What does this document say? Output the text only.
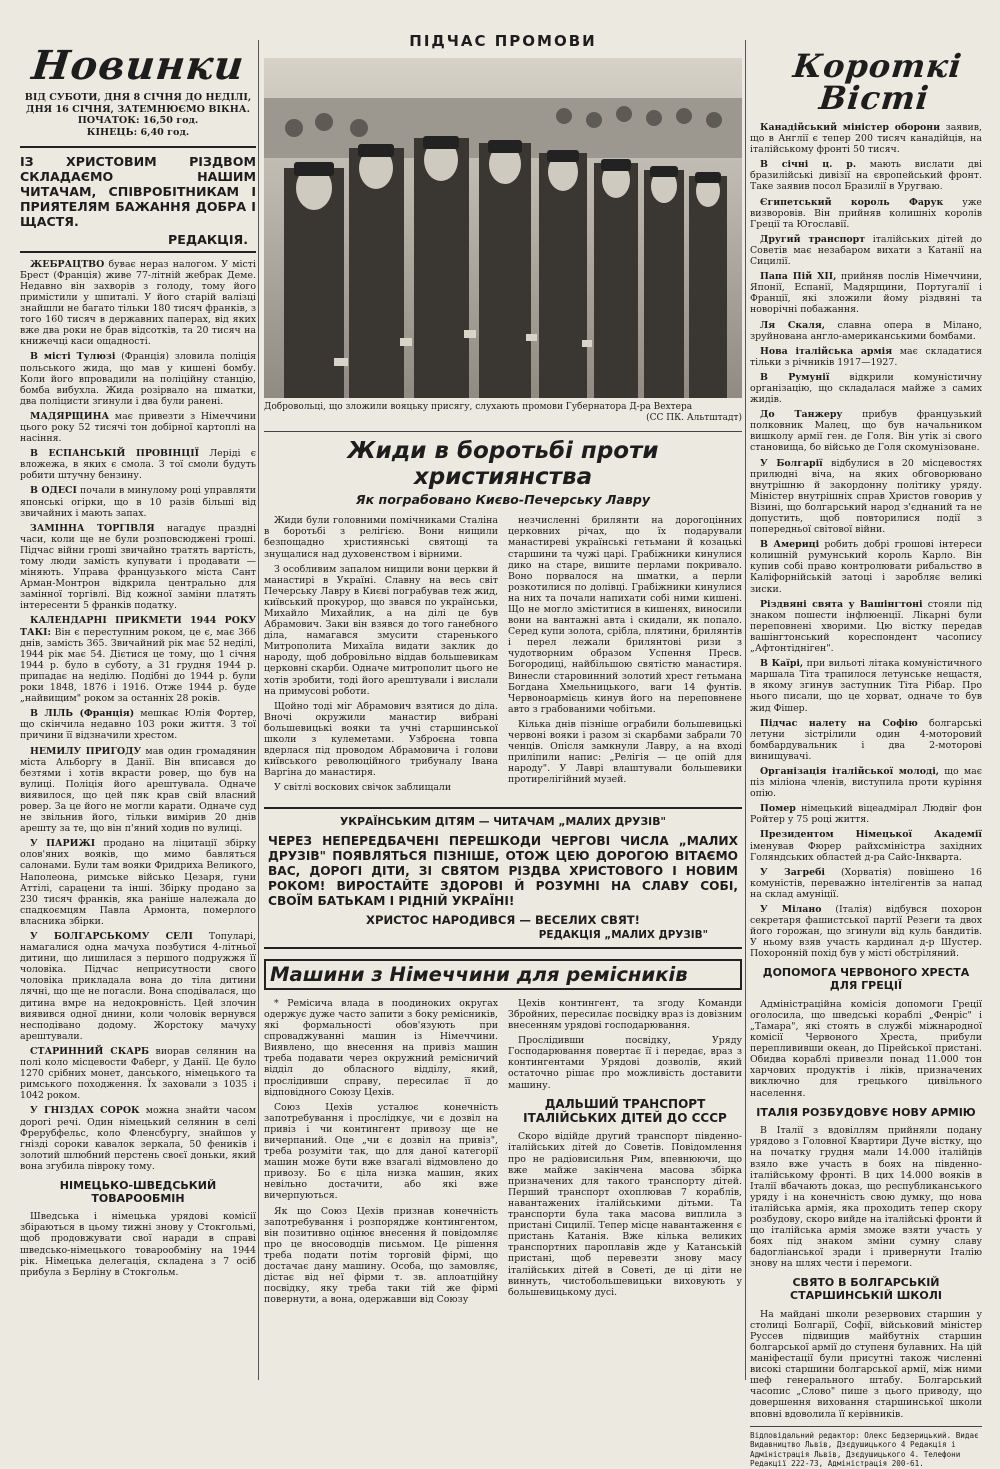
Новинки
ВІД СУБОТИ, ДНЯ 8 СІЧНЯ ДО НЕДІЛІ, ДНЯ 16 СІЧНЯ, ЗАТЕМНЮЄМО ВІКНА.
ПОЧАТОК: 16,50 год.
КІНЕЦЬ: 6,40 год.
ІЗ ХРИСТОВИМ РІЗДВОМ СКЛАДАЄМО НАШИМ ЧИТАЧАМ, СПІВРОБІТНИКАМ І ПРИЯТЕЛЯМ БАЖАННЯ ДОБРА І ЩАСТЯ.
РЕДАКЦІЯ.

ЖЕБРАЦТВО буває нераз налогом. У місті Брест (Франція) живе 77-літній жебрак Деме. Недавно він захворів з голоду, тому його примістили у шпиталі. У його старій валізці знайшли не багато тільки 180 тисяч франків, з того 160 тисяч в державних паперах, від яких вже два роки не брав відсотків, та 20 тисяч на книжечці каси ощадності.

В місті Тулюзі (Франція) зловила поліція польського жида, що мав у кишені бомбу. Коли його впровадили на поліційну станцію, бомба вибухла. Жида розірвало на шматки, два поліцисти згинули і два були ранені.

МАДЯРЩИНА має привезти з Німеччини цього року 52 тисячі тон добірної картоплі на насіння.

В ЕСПАНСЬКІЙ ПРОВІНЦІЇ Леріді є вложежа, в яких є смола. З тої смоли будуть робити штучну бензину.

В ОДЕСІ почали в минулому році управляти японські огірки, що в 10 разів більші від звичайних і мають запах.

ЗАМІННА ТОРГІВЛЯ нагадує праздні часи, коли ще не були розповсюджені гроші. Підчас війни гроші звичайно тратять вартість, тому люди замість купувати і продавати — міняють. Управа французького міста Сант Арман-Монтрон відкрила центрально для замінної торгівлі. Від кожної заміни платять інтересенти 5 франків податку.

КАЛЕНДАРНІ ПРИКМЕТИ 1944 РОКУ ТАКІ: Він є переступним роком, це є, має 366 днів, замість 365. Звичайний рік має 52 неділі, 1944 рік має 54. Дієтися це тому, що 1 січня 1944 р. було в суботу, а 31 грудня 1944 р. припадає на неділю. Подібні до 1944 р. були роки 1848, 1876 і 1916. Отже 1944 р. буде „найвищим" роком за останніх 28 років.

В ЛІЛЬ (Франція) мешкає Юлія Фортер, що скінчила недавно 103 роки життя. З тої причини її відзначили хрестом.

НЕМИЛУ ПРИГОДУ мав один громадянин міста Альборгу в Данії. Він вписався до безтями і хотів вкрасти ровер, що був на вулиці. Поліція його арештувала. Одначе виявилося, що цей пяк крав свій власний ровер. За це його не могли карати. Одначе суд не звільнив його, тільки вимірив 20 днів арешту за те, що він п'яний ходив по вулиці.

У ПАРИЖІ продано на ліцитації збірку олов'яних вояків, що мимо бавляться салонами. Були там вояки Фридриха Великого, Наполеона, римське військо Цезаря, гуни Аттілі, сарацени та інші. Збірку продано за 230 тисяч франків, яка раніше належала до спадкоємцям Павла Армонта, померлого власника збірки.

У БОЛГАРСЬКОМУ СЕЛІ Топуларі, намагалися одна мачуха позбутися 4-літньої дитини, що лишилася з першого подружжя її чоловіка. Підчас неприсутности свого чоловіка прикладала вона до тіла дитини лячні, що ще не погасли. Вона сподівалася, що дитина вмре на недокровність. Цей злочин виявився одної днини, коли чоловік вернувся несподівано додому. Жорстоку мачуху арештували.

СТАРИННИЙ СКАРБ виорав селянин на полі коло місцевости Фаберг, у Данії. Це було 1270 срібних монет, данського, німецького та римського походження. Їх заховали з 1035 і 1042 роком.

У ГНІЗДАХ СОРОК можна знайти часом дорогі речі. Один німецький селянин в селі Фрерубфельс, коло Фленсбургу, знайшов у гнізді сороки кавалок зеркала, 50 феників і золотий шлюбний перстень своєї доньки, який вона згубила півроку тому.

НІМЕЦЬКО-ШВЕДСЬКИЙ ТОВАРООБМІН

Шведська і німецька урядові комісії збіраються в цьому тижні знову у Стокгольмі, щоб продовжувати свої наради в справі шведсько-німецького товарообміну на 1944 рік. Німецька делегація, складена з 7 осіб прибула з Берліну в Стокгольм.

ПІДЧАС ПРОМОВИ
Добровольці, що зложили вояцьку присягу, слухають промови Губернатора Д-ра Вехтера
(СС ПК. Альтштадт)
Жиди в боротьбі проти християнства
Як пограбовано Києво-Печерську Лавру

Жиди були головними помічниками Сталіна в боротьбі з релігією. Вони нищили безпощадно християнські святощі та знущалися над духовенством і вірними.

З особливим запалом нищили вони церкви й манастирі в Україні. Славну на весь світ Печерську Лавру в Києві пограбував теж жид, київський прокурор, що звався по українськи, Михайло Михайлик, а на ділі це був Абрамович. Заки він взявся до того ганебного діла, намагався змусити старенького Митрополита Михаїла видати заклик до народу, щоб добровільно віддав большевикам церковні скарби. Одначе митрополит цього не хотів зробити, тоді його арештували і вислали на примусові роботи.

Щойно тоді міг Абрамович взятися до діла. Вночі окружили манастир вибрані большевицькі вояки та учні старшинської школи з кулеметами. Узброєна товпа вдерлася під проводом Абрамовича і голови київського революційного трибуналу Івана Варгіна до манастиря.

У світлі воскових свічок заблищали

незчисленні брилянти на дорогоцінних церковних річах, що їх подарували манастиреві українські гетьмани й козацькі старшини та чужі царі. Грабіжники кинулися дико на старе, вишите перлами покривало. Воно порвалося на шматки, а перли розкотилися по долівці. Грабіжники кинулися на них та почали напихати собі ними кишені. Що не могло зміститися в кишенях, виносили вони на вантажні авта і скидали, як попало. Серед купи золота, срібла, плятини, брилянтів і перел лежали брилянтові ризи з чудотворним образом Успення Пресв. Богородиці, найбільшою святістю манастиря. Винесли старовинний золотий хрест гетьмана Богдана Хмельницького, ваги 14 фунтів. Червоноармієць кинув його на переповнене авто з грабованими чобітьми.

Кілька днів пізніше ограбили большевицькі червоні вояки і разом зі скарбами забрали 70 ченців. Опісля замкнули Лавру, а на вході приліпили напис: „Релігія — це опій для народу". У Лаврі влаштували большевики протирелігійний музей.

УКРАЇНСЬКИМ ДІТЯМ — ЧИТАЧАМ „МАЛИХ ДРУЗІВ"
ЧЕРЕЗ НЕПЕРЕДБАЧЕНІ ПЕРЕШКОДИ ЧЕРГОВІ ЧИСЛА „МАЛИХ ДРУЗІВ" ПОЯВЛЯТЬСЯ ПІЗНІШЕ, ОТОЖ ЦЕЮ ДОРОГОЮ ВІТАЄМО ВАС, ДОРОГІ ДІТИ, ЗІ СВЯТОМ РІЗДВА ХРИСТОВОГО І НОВИМ РОКОМ! ВИРОСТАЙТЕ ЗДОРОВІ Й РОЗУМНІ НА СЛАВУ СОБІ, СВОЇМ БАТЬКАМ І РІДНІЙ УКРАЇНІ!
ХРИСТОС НАРОДИВСЯ — ВЕСЕЛИХ СВЯТ!
РЕДАКЦІЯ „МАЛИХ ДРУЗІВ"
Машини з Німеччини для ремісників

* Ремісича влада в поодиноких округах одержує дуже часто запити з боку ремісників, які формальності обов'язують при спроваджуванні машин із Німеччини. Виявлено, що внесення на привіз машин треба подавати через окружний ремісничий відділ до обласного відділу, який, прослідивши справу, пересилає її до відповідного Союзу Цехів.

Союз Цехів усталює конечність запотребування і прослідкує, чи є дозвіл на привіз і чи контингент привозу ще не вичерпаний. Оце „чи є дозвіл на привіз", треба розуміти так, що для даної категорії машин може бути вже взагалі відмовлено до привозу. Бо є ціла низка машин, яких невільно достачити, або які вже вичерпуються.

Як що Союз Цехів признав конечність запотребування і розпорядже контингентом, він позитивно оцінює внесення й повідомляє про це вносоводців письмом. Це рішення треба подати потім торговій фірмі, що достачає дану машину. Особа, що замовляє, дістає від неї фірми т. зв. аплоатційну посвідку, яку треба таки тій же фірмі повернути, а вона, одержавши від Союзу

Цехів контингент, та згоду Команди Збройних, пересилає посвідку враз із довізним внесенням урядові господарювання.

Прослідивши посвідку, Уряду Господарювання повертає її і передає, враз з контингентами Урядові дозволів, який остаточно рішає про можливість доставити машину.

ДАЛЬШИЙ ТРАНСПОРТ ІТАЛІЙСЬКИХ ДІТЕЙ ДО СССР

Скоро відійде другий транспорт південно-італійських дітей до Советів. Повідомлення про не радіовисильня Рим, впевнюючи, що вже майже закінчена масова збірка призначених для такого транспорту дітей. Перший транспорт охоплював 7 кораблів, навантажених італійськими дітьми. Та транспорти була така масова виплила з пристані Сицилії. Тепер місце навантаження є пристань Катанія. Вже кілька великих транспортних пароплавів жде у Катанській пристані, щоб перевезти знову масу італійських дітей в Советі, де ці діти не виннуть, чистобольшевицьки виховують у большевицькому дусі.

Короткі Вісті

Канадійський міністер оборони заявив, що в Англії є тепер 200 тисяч канадійців, на італійському фронті 50 тисяч.

В січні ц. р. мають вислати дві бразилійські дивізії на європейський фронт. Таке заявив посол Бразилії в Уругваю.

Єгипетський король Фарук уже визворовів. Він прийняв колишніх королів Греції та Югославії.

Другий транспорт італійських дітей до Советів має незабаром вихати з Катанії на Сицилії.

Папа Пій XII, прийняв послів Німеччини, Японії, Еспанії, Мадярщини, Португалії і Франції, які зложили йому різдвяні та новорічні побажання.

Ля Скаля, славна опера в Мілано, зруйнована англо-американськими бомбами.

Нова італійська армія має складатися тільки з річників 1917—1927.

В Румунії відкрили комуністичну організацію, що складалася майже з самих жидів.

До Танжеру прибув французький полковник Малец, що був начальником вишколу армії ген. де Голя. Він утік зі свого становища, бо військо де Голя скомунізоване.

У Болгарії відбулися в 20 місцевостях прилюдні віча, на яких обговорювано внутрішню й закордонну політику уряду. Міністер внутрішніх справ Христов говорив у Візині, що болгарський народ з'єднаний та не допустить, щоб повторилися події з попередньої світової війни.

В Америці робить добрі грошові інтереси колишній румунський король Карло. Він купив собі право контролювати рибальство в Каліфорнійській затоці і заробляє великі зиски.

Різдвяні свята у Вашінгтоні стояли під знаком пошести інфлюенції. Лікарні були переповнені хворими. Цю вістку передав вашінгтонський кореспондент часопису „Афтонтідніген".

В Каїрі, при вильоті літака комуністичного маршала Тіта трапилося летунське нещастя, в якому згинув заступник Тіта Рібар. Про нього писали, що це хорват, одначе то був жид Фішер.

Підчас налету на Софію болгарські летуни зістрілили один 4-моторовий бомбардувальник і два 2-моторові винищувачі.

Організація італійської молоді, що має піз міліона членів, виступила проти куріння опію.

Помер німецький віцеадмірал Людвіг фон Ройтер у 75 році життя.

Президентом Німецької Академії іменував Фюрер райхсміністра західних Голяндських областей д-ра Сайс-Інкварта.

У Загребі (Хорватія) повішено 16 комуністів, переважно інтелігентів за напад на склад амуніції.

У Мілано (Італія) відбувся похорон секретаря фашистської партії Резеги та двох його горожан, що згинули від куль бандитів. У ньому взяв участь кардинал д-р Шустер. Похоронній похід був у місті обстріляний.

ДОПОМОГА ЧЕРВОНОГО ХРЕСТА ДЛЯ ГРЕЦІЇ

Адміністраційна комісія допомоги Греції оголосила, що шведські кораблі „Фенріс" і „Тамара", які стоять в службі міжнародної комісії Червоного Хреста, прибули переплививши океан, до Пірейської пристані. Обидва кораблі привезли понад 11.000 тон харчових продуктів і ліків, призначених виключно для грецького цивільного населення.

ІТАЛІЯ РОЗБУДОВУЄ НОВУ АРМІЮ

В Італії з вдовіллям прийняли подану урядово з Головної Квартири Дуче вістку, що на початку грудня мали 14.000 італійців взяло вже участь в боях на південно-італійському фронті. В цих 14.000 вояків в Італії вбачають доказ, що республиканського уряду і на конечність свою думку, що нова італійська армія, яка проходить тепер скору розбудову, скоро вийде на італійські фронти й що італійська армія зможе взяти участь у боях під знаком зміни сумну славу бадогліанської зради і привернути Італію знову на шлях чести і перемоги.

СВЯТО В БОЛГАРСЬКІЙ СТАРШИНСЬКІЙ ШКОЛІ

На майдані школи резервових старшин у столиці Болгарії, Софії, військовий міністер Руссев підвищив майбутніх старшин болгарської армії до ступеня булавних. На цій маніфестації були присутні також численні високі старшини болгарської армії, між ними шеф генерального штабу. Болгарський часопис „Слово" пише з цього приводу, що довершення виховання старшинської школи вповні вдоволила її керівників.

Відповідальний редактор: Олекс Бедзерицький. Видає Видавництво Львів, Дзєдушицького 4 Редакція і Адміністрація Львів, Дзєдушицького 4. Телефони Редакції 222-73, Адміністрація 200-61.
